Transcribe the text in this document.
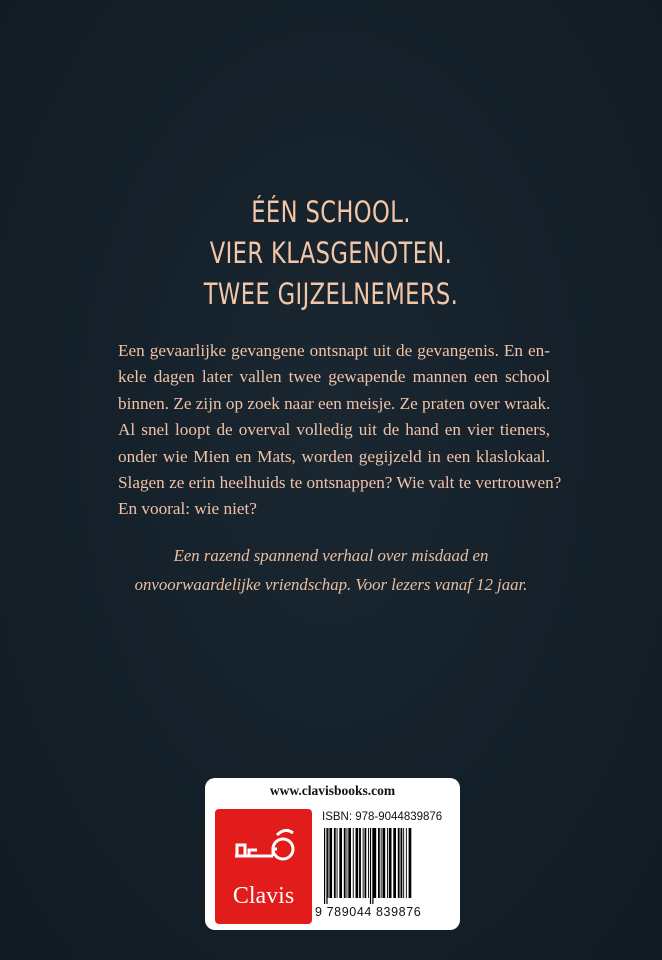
ÉÉN SCHOOL.
VIER KLASGENOTEN.
TWEE GIJZELNEMERS.
Een gevaarlijke gevangene ontsnapt uit de gevangenis. En en-
kele dagen later vallen twee gewapende mannen een school
binnen. Ze zijn op zoek naar een meisje. Ze praten over wraak.
Al snel loopt de overval volledig uit de hand en vier tieners,
onder wie Mien en Mats, worden gegijzeld in een klaslokaal.
Slagen ze erin heelhuids te ontsnappen? Wie valt te vertrouwen?
En vooral: wie niet?
Een razend spannend verhaal over misdaad en
onvoorwaardelijke vriendschap. Voor lezers vanaf 12 jaar.
www.clavisbooks.com
Clavis
ISBN: 978-9044839876
9 789044 839876
